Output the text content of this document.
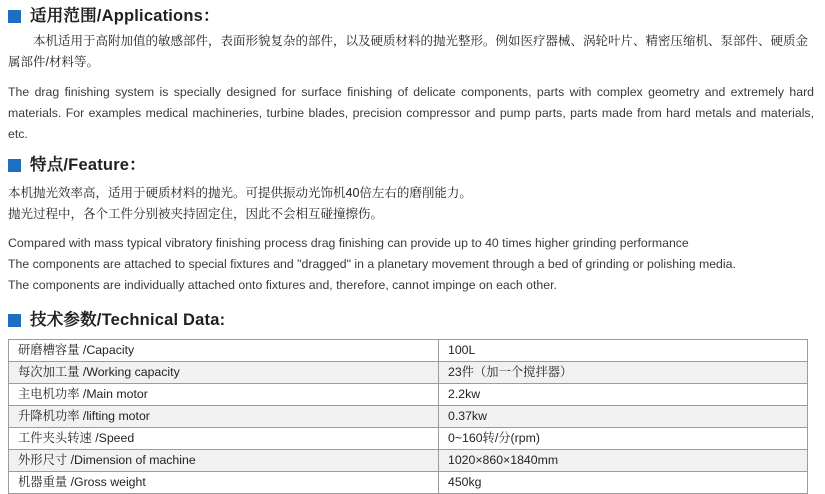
适用范围/Applications：

本机适用于高附加值的敏感部件，表面形貌复杂的部件，以及硬质材料的抛光整形。例如医疗器械、涡轮叶片、精密压缩机、泵部件、硬质金属部件/材料等。

The drag finishing system is specially designed for surface finishing of delicate components, parts with complex geometry and extremely hard materials. For examples medical machineries, turbine blades, precision compressor and pump parts, parts made from hard metals and materials, etc.

特点/Feature：

本机抛光效率高，适用于硬质材料的抛光。可提供振动光饰机40倍左右的磨削能力。

抛光过程中，各个工件分别被夹持固定住，因此不会相互碰撞擦伤。

Compared with mass typical vibratory finishing process drag finishing can provide up to 40 times higher grinding performance

The components are attached to special fixtures and "dragged" in a planetary movement through a bed of grinding or polishing media.

The components are individually attached onto fixtures and, therefore, cannot impinge on each other.

技术参数/Technical Data:
研磨槽容量 /Capacity	100L
每次加工量 /Working capacity	23件（加一个搅拌器）
主电机功率 /Main motor	2.2kw
升降机功率 /lifting motor	0.37kw
工件夹头转速 /Speed	0~160转/分(rpm)
外形尺寸 /Dimension of machine	1020×860×1840mm
机器重量 /Gross weight	450kg
